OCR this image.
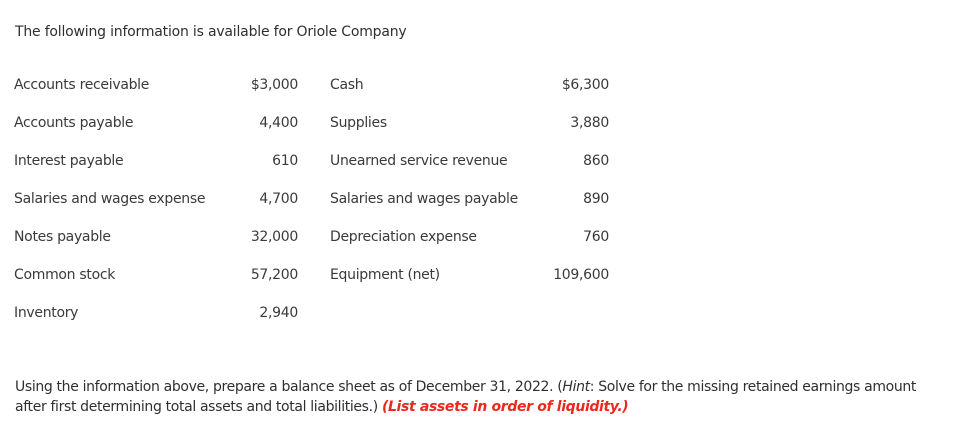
The following information is available for Oriole Company
Accounts receivable	$3,000		Cash	$6,300
Accounts payable	4,400		Supplies	3,880
Interest payable	610		Unearned service revenue	860
Salaries and wages expense	4,700		Salaries and wages payable	890
Notes payable	32,000		Depreciation expense	760
Common stock	57,200		Equipment (net)	109,600
Inventory	2,940			
Using the information above, prepare a balance sheet as of December 31, 2022. (Hint: Solve for the missing retained earnings amount after first determining total assets and total liabilities.) (List assets in order of liquidity.)
